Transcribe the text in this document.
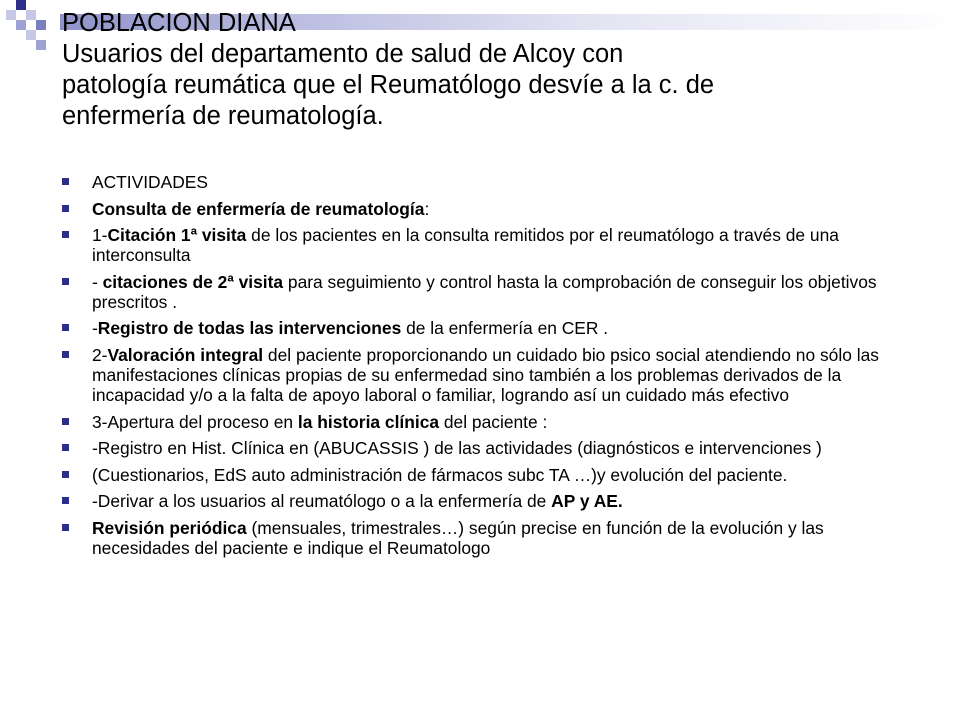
POBLACION DIANA
Usuarios del departamento de salud de Alcoy con
patología reumática que el Reumatólogo desvíe a la c. de
enfermería de reumatología.
ACTIVIDADES
Consulta de enfermería de reumatología:
1-Citación 1ª visita de los pacientes en la consulta remitidos por el reumatólogo a través de una interconsulta
- citaciones de 2ª visita para seguimiento y control hasta la comprobación de conseguir los objetivos prescritos .
-Registro de todas las intervenciones de la enfermería en CER .
2-Valoración integral del paciente proporcionando un cuidado bio psico social atendiendo no sólo las manifestaciones clínicas propias de su enfermedad sino también a los problemas derivados de la incapacidad y/o a la falta de apoyo laboral o familiar, logrando así un cuidado más efectivo
3-Apertura del proceso en la historia clínica del paciente :
-Registro en Hist. Clínica en (ABUCASSIS ) de las actividades (diagnósticos e intervenciones )
(Cuestionarios, EdS auto administración de fármacos subc TA …)y evolución del paciente.
-Derivar a los usuarios al reumatólogo o a la enfermería de AP y AE.
Revisión periódica (mensuales, trimestrales…) según precise en función de la evolución y las necesidades del paciente e indique el Reumatologo
